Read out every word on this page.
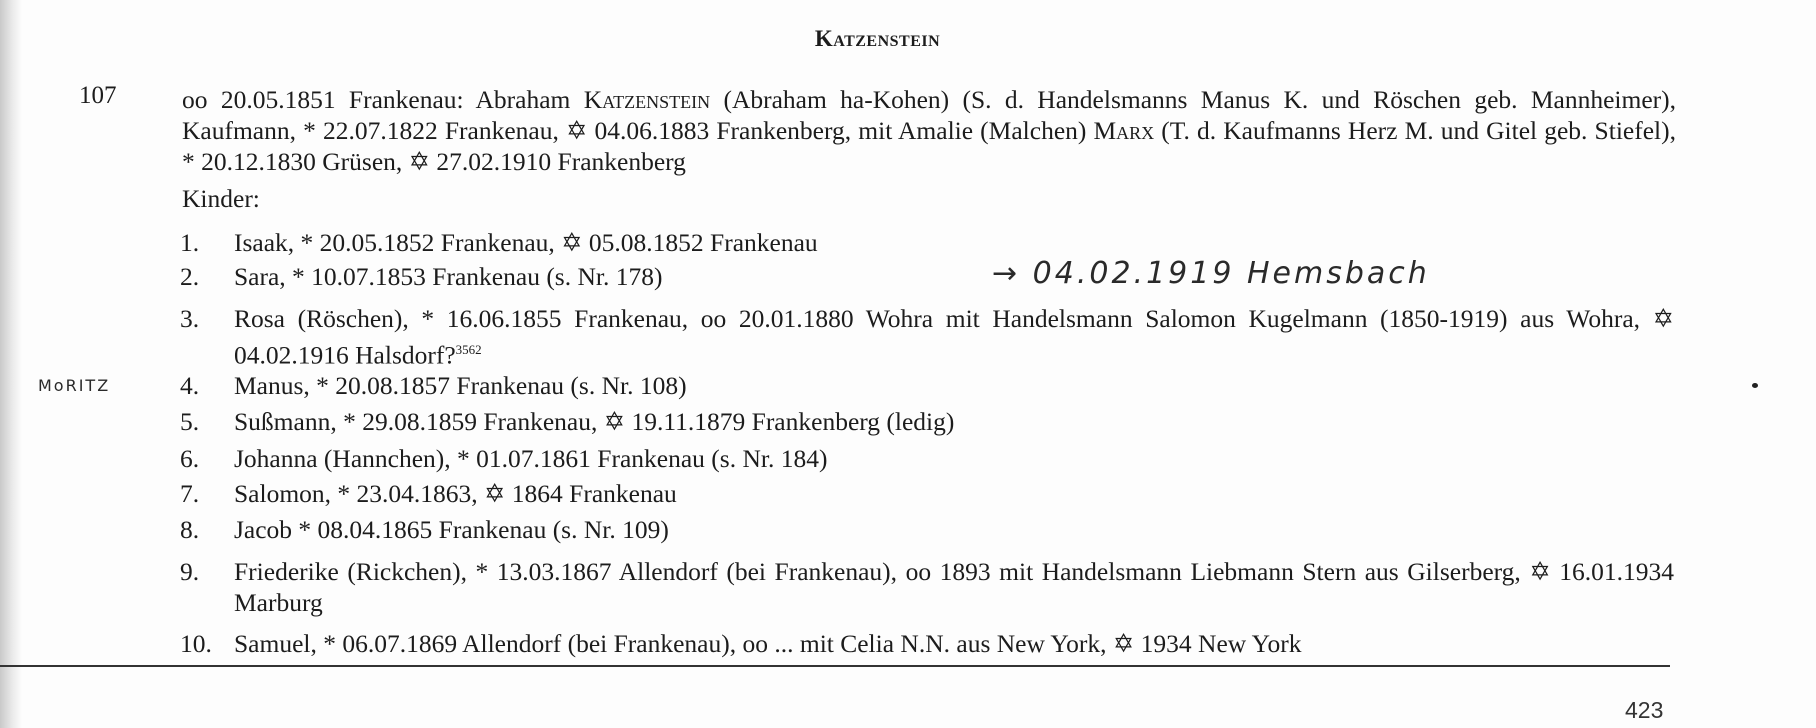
Katzenstein
107	oo 20.05.1851 Frankenau: Abraham Katzenstein (Abraham ha-Kohen) (S. d. Handelsmanns Manus K. und Röschen geb. Mannheimer), Kaufmann, * 22.07.1822 Frankenau, ✡ 04.06.1883 Frankenberg, mit Amalie (Malchen) Marx (T. d. Kaufmanns Herz M. und Gitel geb. Stiefel), * 20.12.1830 Grüsen, ✡ 27.02.1910 Frankenberg
Kinder:
1.	Isaak, * 20.05.1852 Frankenau, ✡ 05.08.1852 Frankenau
2.	Sara, * 10.07.1853 Frankenau (s. Nr. 178)
3.	Rosa (Röschen), * 16.06.1855 Frankenau, oo 20.01.1880 Wohra mit Handelsmann Salomon Kugelmann (1850-1919) aus Wohra, ✡ 04.02.1916 Halsdorf?$^{3562}$
4.	Manus, * 20.08.1857 Frankenau (s. Nr. 108)
5.	Sußmann, * 29.08.1859 Frankenau, ✡ 19.11.1879 Frankenberg (ledig)
6.	Johanna (Hannchen), * 01.07.1861 Frankenau (s. Nr. 184)
7.	Salomon, * 23.04.1863, ✡ 1864 Frankenau
8.	Jacob * 08.04.1865 Frankenau (s. Nr. 109)
9.	Friederike (Rickchen), * 13.03.1867 Allendorf (bei Frankenau), oo 1893 mit Handelsmann Liebmann Stern aus Gilserberg, ✡ 16.01.1934 Marburg
10. Samuel, * 06.07.1869 Allendorf (bei Frankenau), oo ... mit Celia N.N. aus New York, ✡ 1934 New York
MoRITZ
→ 04.02.1919 Hemsbach
423
